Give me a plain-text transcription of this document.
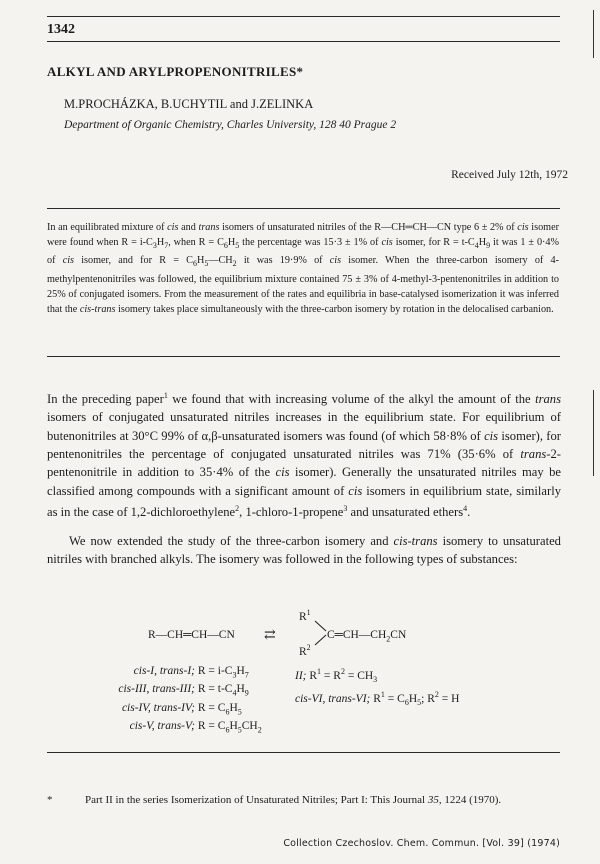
1342
ALKYL AND ARYLPROPENONITRILES*
M.PROCHÁZKA, B.UCHYTIL and J.ZELINKA
Department of Organic Chemistry, Charles University, 128 40 Prague 2
Received July 12th, 1972
In an equilibrated mixture of cis and trans isomers of unsaturated nitriles of the R—CH═CH—CN type 6 ± 2% of cis isomer were found when $R = i-C_3H_7$, when $R = C_6H_5$ the percentage was 15·3 ± 1% of cis isomer, for $R = t-C_4H_9$ it was 1 ± 0·4% of cis isomer, and for $R = C_6H_5—CH_2$ it was 19·9% of cis isomer. When the three-carbon isomery of 4-methylpentenonitriles was followed, the equilibrium mixture contained 75 ± 3% of 4-methyl-3-pentenonitriles in addition to 25% of conjugated isomers. From the measurement of the rates and equilibria in base-catalysed isomerization it was inferred that the cis-trans isomery takes place simultaneously with the three-carbon isomery by rotation in the delocalised carbanion.
In the preceding paper$^1$ we found that with increasing volume of the alkyl the amount of the trans isomers of conjugated unsaturated nitriles increases in the equilibrium state. For equilibrium of butenonitriles at 30°C 99% of α,β-unsaturated isomers was found (of which 58·8% of cis isomer), for pentenonitriles the percentage of conjugated unsaturated nitriles was 71% (35·6% of trans-2-pentenonitrile in addition to 35·4% of the cis isomer). Generally the unsaturated nitriles may be classified among compounds with a significant amount of cis isomers in equilibrium state, similarly as in the case of 1,2-dichloroethylene$^2$, 1-chloro-1-propene$^3$ and unsaturated ethers$^4$.
We now extended the study of the three-carbon isomery and cis-trans isomery to unsaturated nitriles with branched alkyls. The isomery was followed in the following types of substances:
R—CH═CH—CN ⇄
$R^1$
$R^2$
$C═CH—CH_2CN$
cis-I, trans-I; $R = i-C_3H_7$
cis-III, trans-III; $R = t-C_4H_9$
cis-IV, trans-IV; $R = C_6H_5$
cis-V, trans-V; $R = C_6H_5CH_2$
II; $R^1 = R^2 = CH_3$
cis-VI, trans-VI; $R^1 = C_6H_5$; $R^2 = H$
*	Part II in the series Isomerization of Unsaturated Nitriles; Part I: This Journal 35, 1224 (1970).
Collection Czechoslov. Chem. Commun. [Vol. 39] (1974)
